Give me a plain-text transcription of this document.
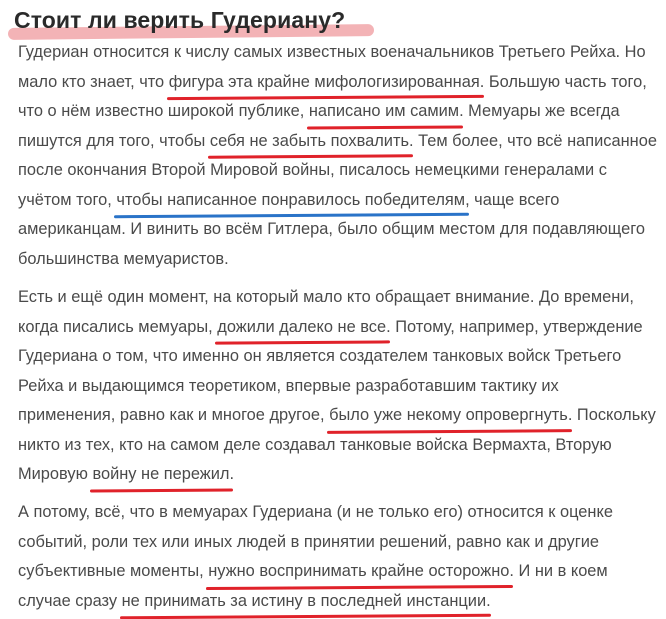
Стоит ли верить Гудериану?

Гудериан относится к числу самых известных военачальников Третьего Рейха. Но мало кто знает, что фигура эта крайне мифологизированная. Большую часть того, что о нём известно широкой публике, написано им самим. Мемуары же всегда пишутся для того, чтобы себя не забыть похвалить. Тем более, что всё написанное после окончания Второй Мировой войны, писалось немецкими генералами с учётом того, чтобы написанное понравилось победителям, чаще всего американцам. И винить во всём Гитлера, было общим местом для подавляющего большинства мемуаристов.

Есть и ещё один момент, на который мало кто обращает внимание. До времени, когда писались мемуары, дожили далеко не все. Потому, например, утверждение Гудериана о том, что именно он является создателем танковых войск Третьего Рейха и выдающимся теоретиком, впервые разработавшим тактику их применения, равно как и многое другое, было уже некому опровергнуть. Поскольку никто из тех, кто на самом деле создавал танковые войска Вермахта, Вторую Мировую войну не пережил.

А потому, всё, что в мемуарах Гудериана (и не только его) относится к оценке событий, роли тех или иных людей в принятии решений, равно как и другие субъективные моменты, нужно воспринимать крайне осторожно. И ни в коем случае сразу не принимать за истину в последней инстанции.
